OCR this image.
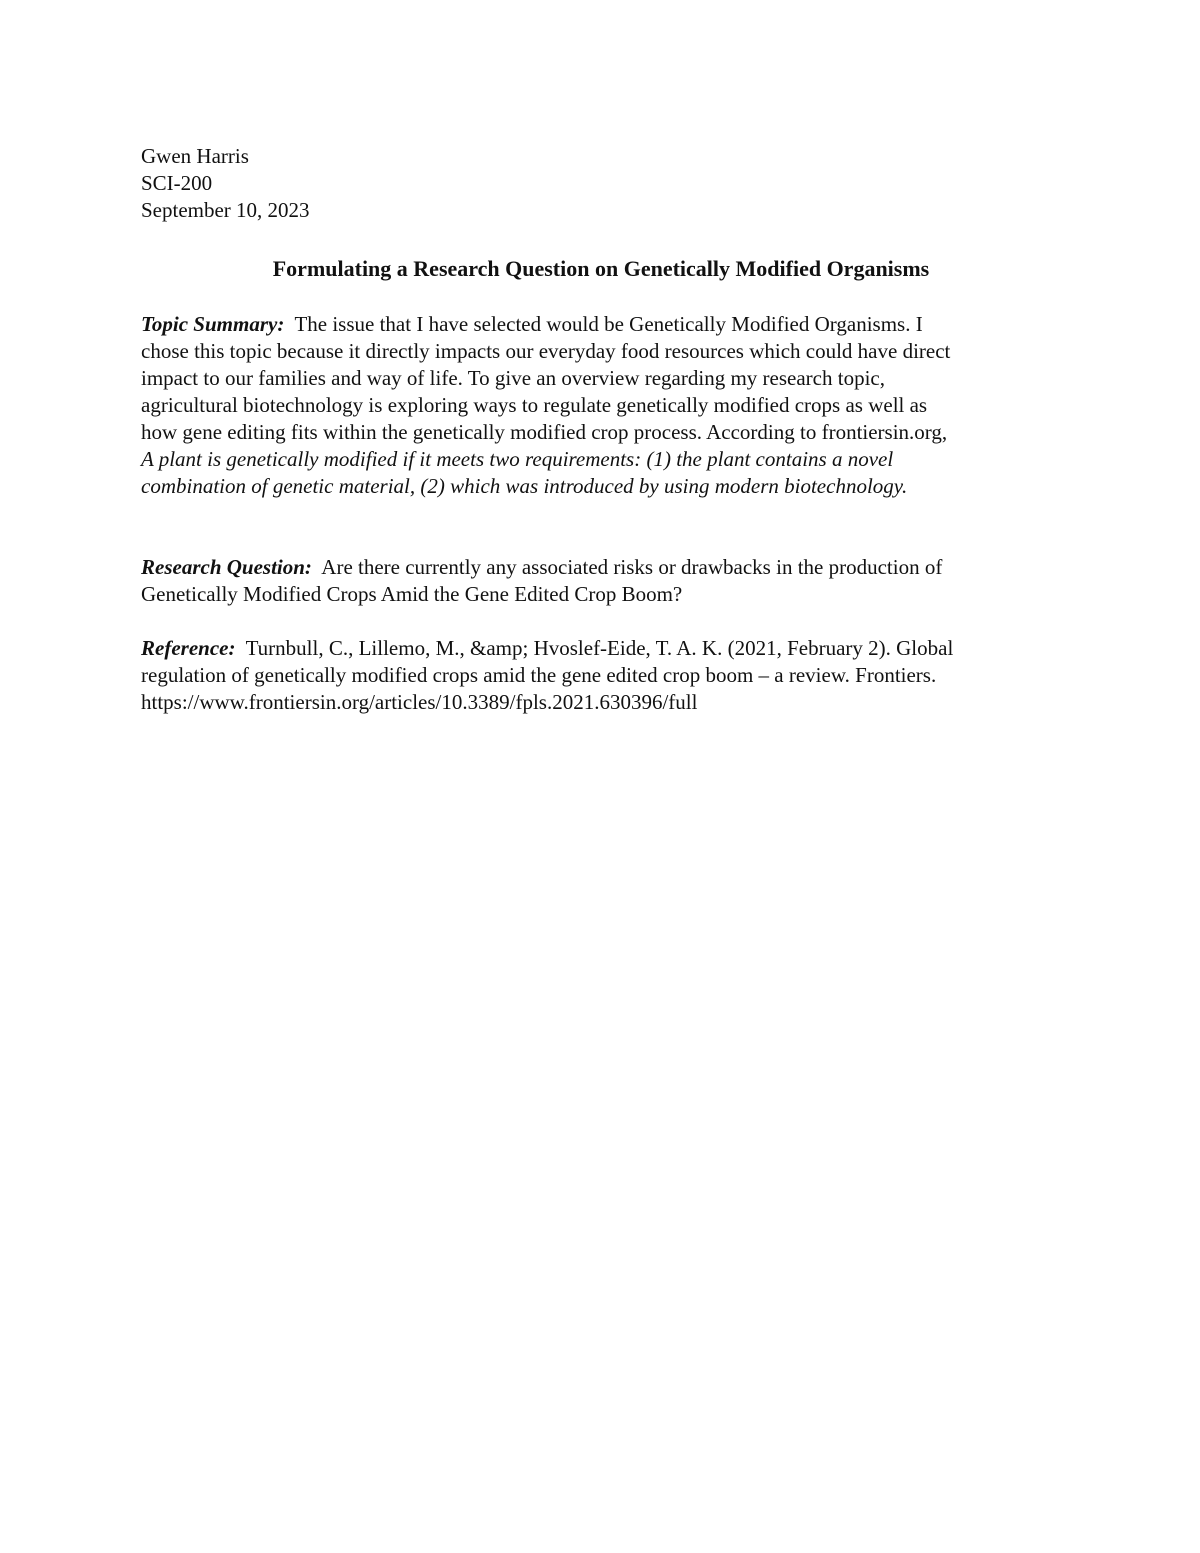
Gwen Harris
SCI-200
September 10, 2023
Formulating a Research Question on Genetically Modified Organisms
Topic Summary: The issue that I have selected would be Genetically Modified Organisms. I
chose this topic because it directly impacts our everyday food resources which could have direct
impact to our families and way of life. To give an overview regarding my research topic,
agricultural biotechnology is exploring ways to regulate genetically modified crops as well as
how gene editing fits within the genetically modified crop process. According to frontiersin.org,
A plant is genetically modified if it meets two requirements: (1) the plant contains a novel
combination of genetic material, (2) which was introduced by using modern biotechnology.
Research Question: Are there currently any associated risks or drawbacks in the production of
Genetically Modified Crops Amid the Gene Edited Crop Boom?
Reference: Turnbull, C., Lillemo, M., &amp; Hvoslef-Eide, T. A. K. (2021, February 2). Global
regulation of genetically modified crops amid the gene edited crop boom – a review. Frontiers.
https://www.frontiersin.org/articles/10.3389/fpls.2021.630396/full
